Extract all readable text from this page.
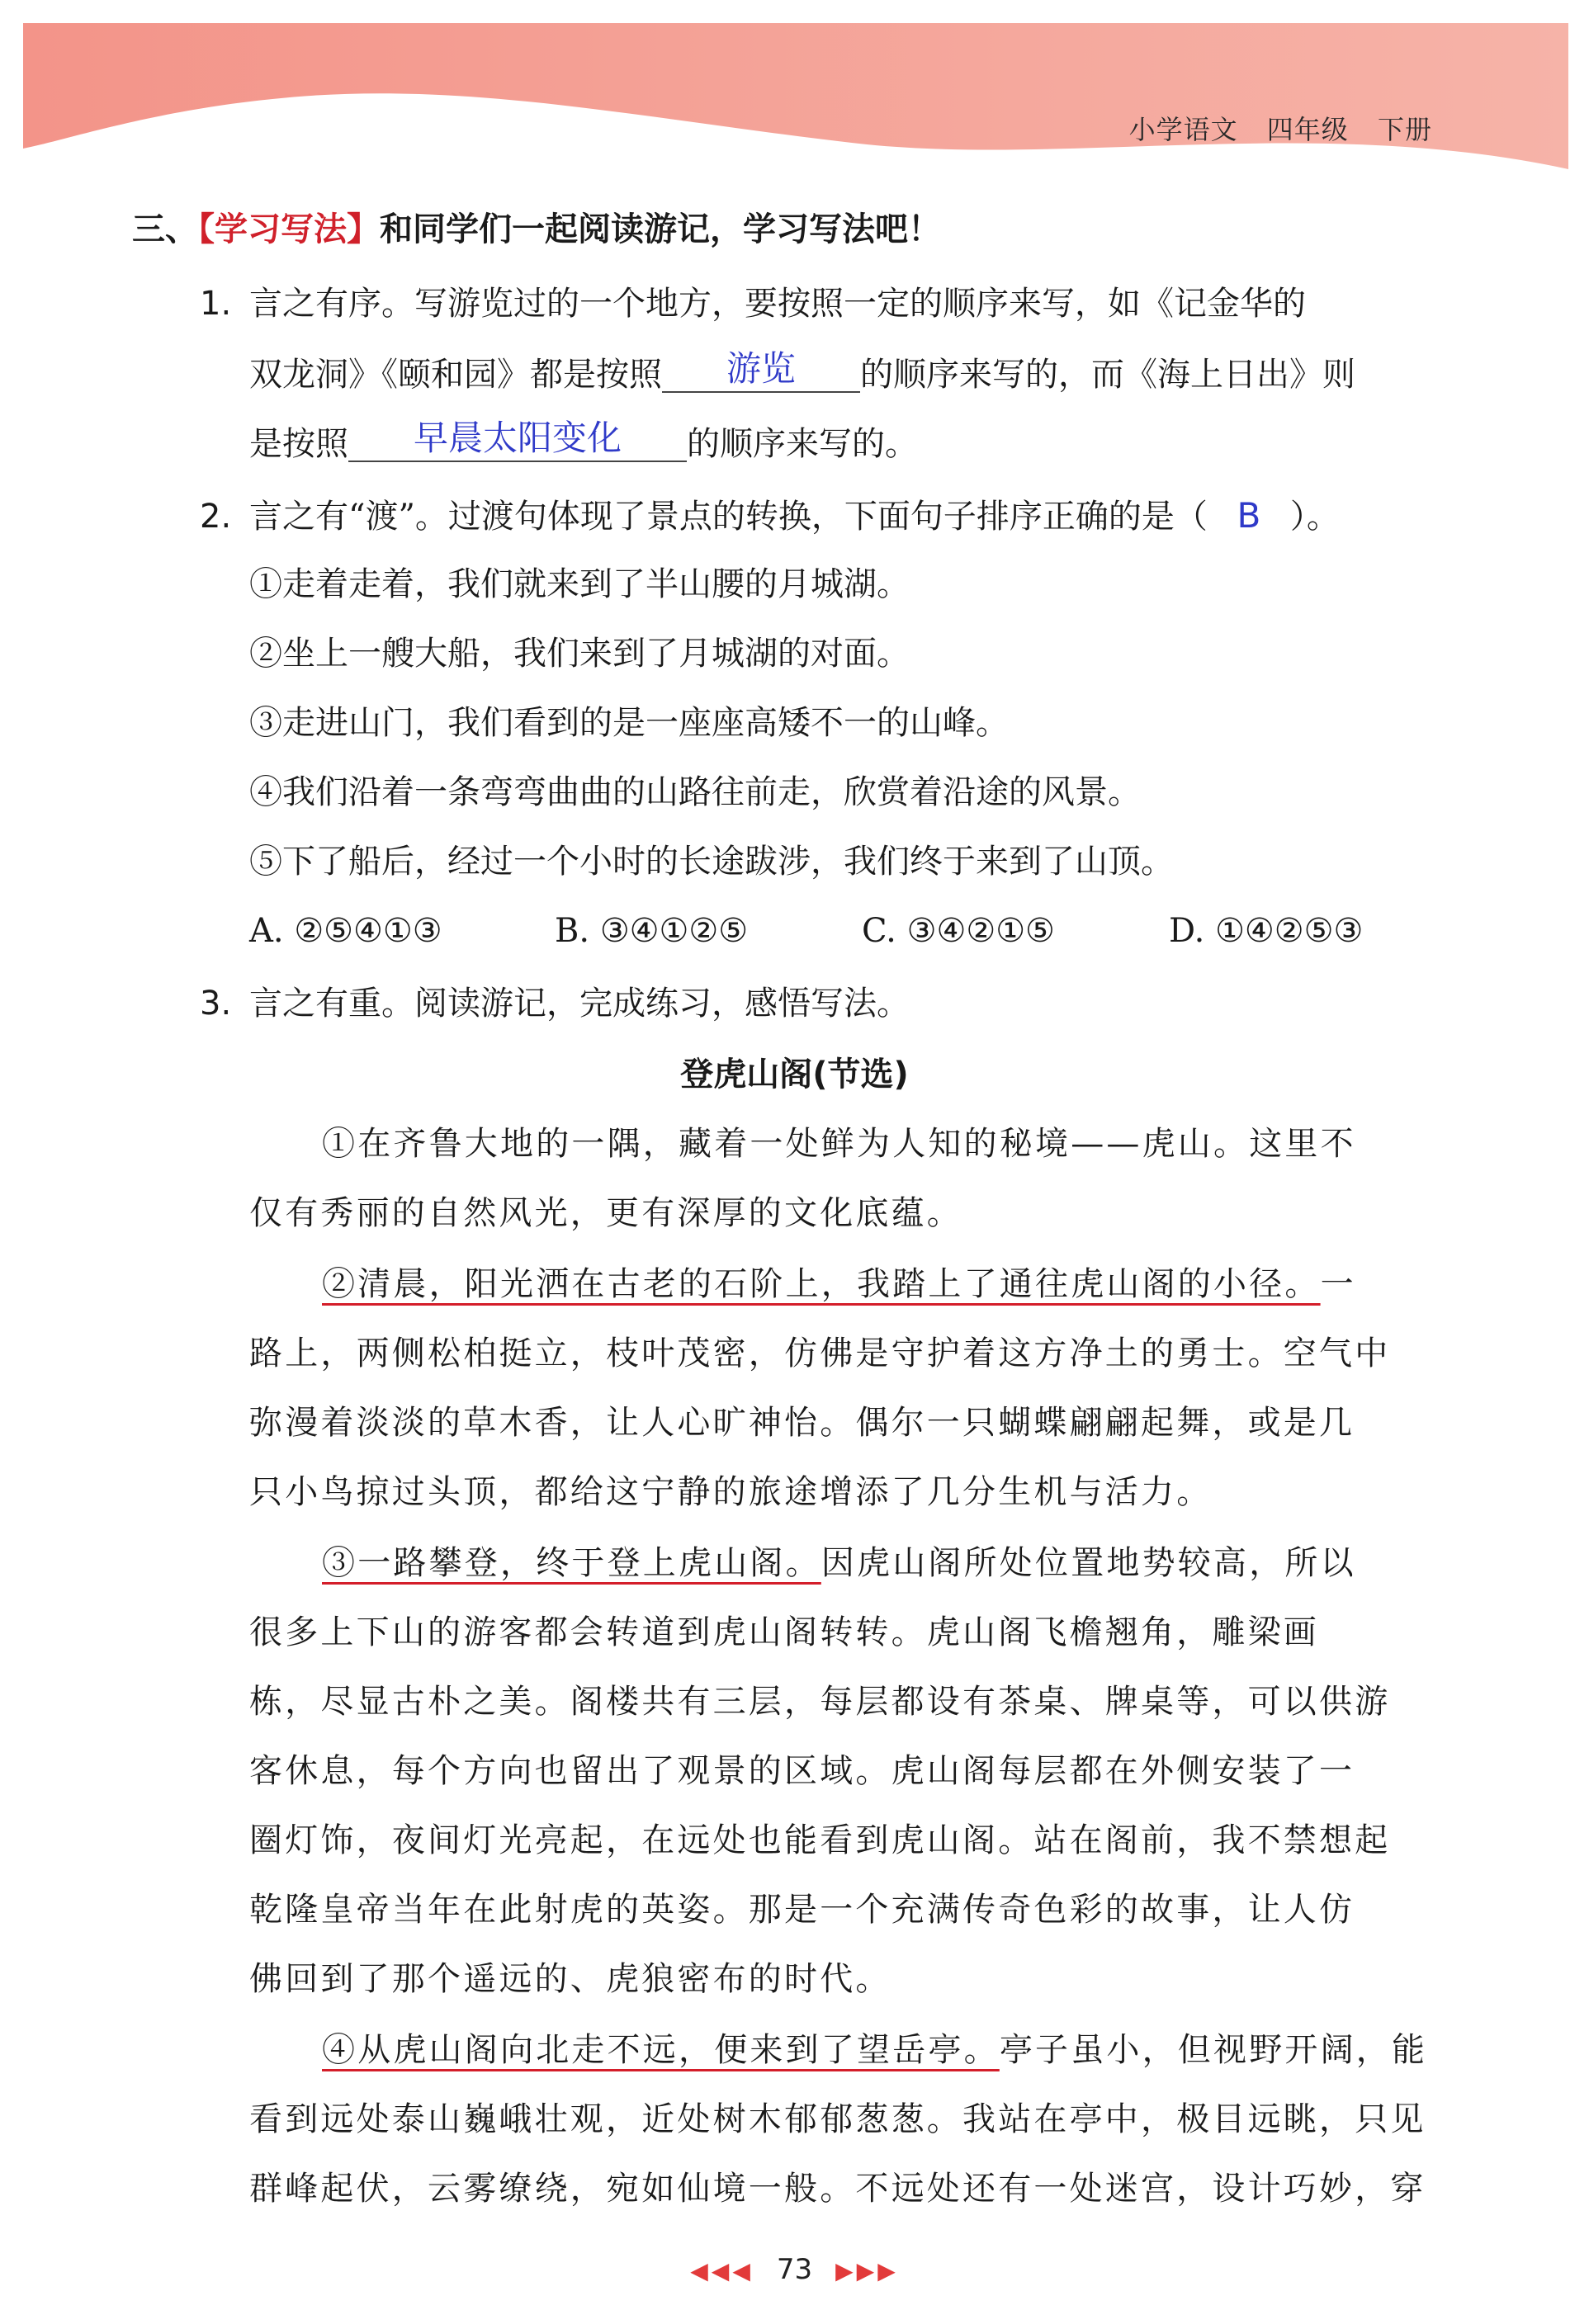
小学语文 四年级 下册
三、【学习写法】和同学们一起阅读游记，学习写法吧！
1. 言之有序。写游览过的一个地方，要按照一定的顺序来写，如《记金华的
双龙洞》《颐和园》都是按照 游览 的顺序来写的，而《海上日出》则
是按照 早晨太阳变化 的顺序来写的。
2. 言之有“渡”。过渡句体现了景点的转换，下面句子排序正确的是（ B ）。
①走着走着，我们就来到了半山腰的月城湖。
②坐上一艘大船，我们来到了月城湖的对面。
③走进山门，我们看到的是一座座高矮不一的山峰。
④我们沿着一条弯弯曲曲的山路往前走，欣赏着沿途的风景。
⑤下了船后，经过一个小时的长途跋涉，我们终于来到了山顶。
A. ②⑤④①③	B. ③④①②⑤	C. ③④②①⑤	D. ①④②⑤③
3. 言之有重。阅读游记，完成练习，感悟写法。
登虎山阁(节选)
①在齐鲁大地的一隅，藏着一处鲜为人知的秘境——虎山。这里不
仅有秀丽的自然风光，更有深厚的文化底蕴。
②清晨，阳光洒在古老的石阶上，我踏上了通往虎山阁的小径。一
路上，两侧松柏挺立，枝叶茂密，仿佛是守护着这方净土的勇士。空气中
弥漫着淡淡的草木香，让人心旷神怡。偶尔一只蝴蝶翩翩起舞，或是几
只小鸟掠过头顶，都给这宁静的旅途增添了几分生机与活力。
③一路攀登，终于登上虎山阁。因虎山阁所处位置地势较高，所以
很多上下山的游客都会转道到虎山阁转转。虎山阁飞檐翘角，雕梁画
栋，尽显古朴之美。阁楼共有三层，每层都设有茶桌、牌桌等，可以供游
客休息，每个方向也留出了观景的区域。虎山阁每层都在外侧安装了一
圈灯饰，夜间灯光亮起，在远处也能看到虎山阁。站在阁前，我不禁想起
乾隆皇帝当年在此射虎的英姿。那是一个充满传奇色彩的故事，让人仿
佛回到了那个遥远的、虎狼密布的时代。
④从虎山阁向北走不远，便来到了望岳亭。亭子虽小，但视野开阔，能
看到远处泰山巍峨壮观，近处树木郁郁葱葱。我站在亭中，极目远眺，只见
群峰起伏，云雾缭绕，宛如仙境一般。不远处还有一处迷宫，设计巧妙，穿
◀◀◀ 73 ▶▶▶
